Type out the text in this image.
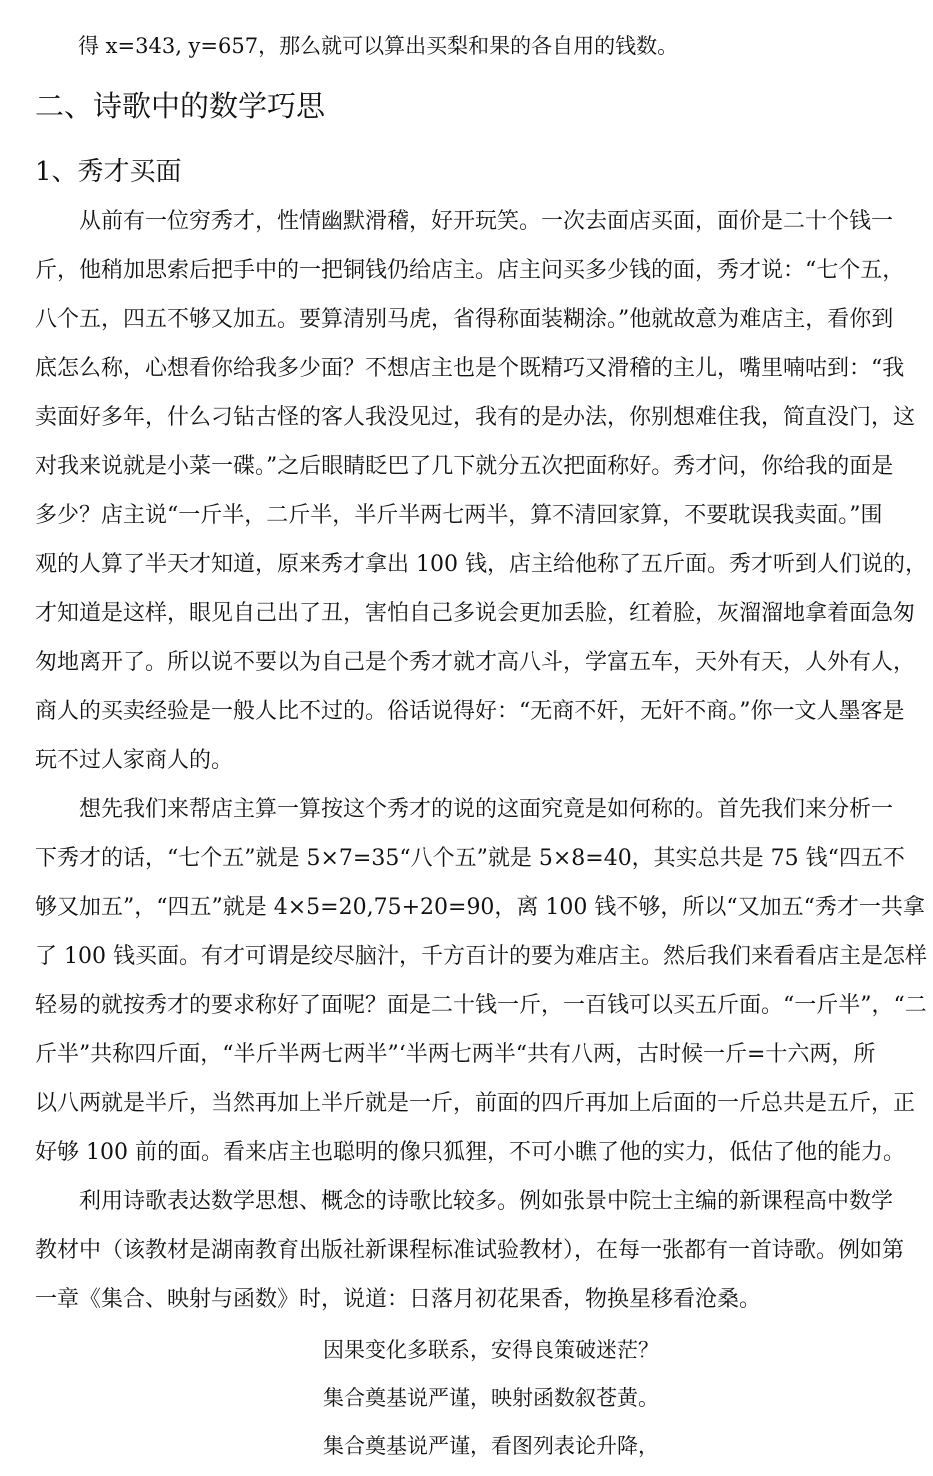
得 x=343, y=657，那么就可以算出买梨和果的各自用的钱数。
二、诗歌中的数学巧思
1、秀才买面
从前有一位穷秀才，性情幽默滑稽，好开玩笑。一次去面店买面，面价是二十个钱一
斤，他稍加思索后把手中的一把铜钱仍给店主。店主问买多少钱的面，秀才说：“七个五，
八个五，四五不够又加五。要算清别马虎，省得称面装糊涂。”他就故意为难店主，看你到
底怎么称，心想看你给我多少面？不想店主也是个既精巧又滑稽的主儿，嘴里喃咕到：“我
卖面好多年，什么刁钻古怪的客人我没见过，我有的是办法，你别想难住我，简直没门，这
对我来说就是小菜一碟。”之后眼睛眨巴了几下就分五次把面称好。秀才问，你给我的面是
多少？店主说“一斤半，二斤半，半斤半两七两半，算不清回家算，不要耽误我卖面。”围
观的人算了半天才知道，原来秀才拿出 100 钱，店主给他称了五斤面。秀才听到人们说的，
才知道是这样，眼见自己出了丑，害怕自己多说会更加丢脸，红着脸，灰溜溜地拿着面急匆
匆地离开了。所以说不要以为自己是个秀才就才高八斗，学富五车，天外有天，人外有人，
商人的买卖经验是一般人比不过的。俗话说得好：“无商不奸，无奸不商。”你一文人墨客是
玩不过人家商人的。
想先我们来帮店主算一算按这个秀才的说的这面究竟是如何称的。首先我们来分析一
下秀才的话，“七个五”就是 5×7=35“八个五”就是 5×8=40，其实总共是 75 钱“四五不
够又加五”，“四五”就是 4×5=20,75+20=90，离 100 钱不够，所以“又加五“秀才一共拿
了 100 钱买面。有才可谓是绞尽脑汁，千方百计的要为难店主。然后我们来看看店主是怎样
轻易的就按秀才的要求称好了面呢？面是二十钱一斤，一百钱可以买五斤面。“一斤半”，“二
斤半”共称四斤面，“半斤半两七两半”‘半两七两半“共有八两，古时候一斤=十六两，所
以八两就是半斤，当然再加上半斤就是一斤，前面的四斤再加上后面的一斤总共是五斤，正
好够 100 前的面。看来店主也聪明的像只狐狸，不可小瞧了他的实力，低估了他的能力。
利用诗歌表达数学思想、概念的诗歌比较多。例如张景中院士主编的新课程高中数学
教材中（该教材是湖南教育出版社新课程标准试验教材），在每一张都有一首诗歌。例如第
一章《集合、映射与函数》时，说道：日落月初花果香，物换星移看沧桑。
因果变化多联系，安得良策破迷茫？
集合奠基说严谨，映射函数叙苍黄。
集合奠基说严谨，看图列表论升降，
